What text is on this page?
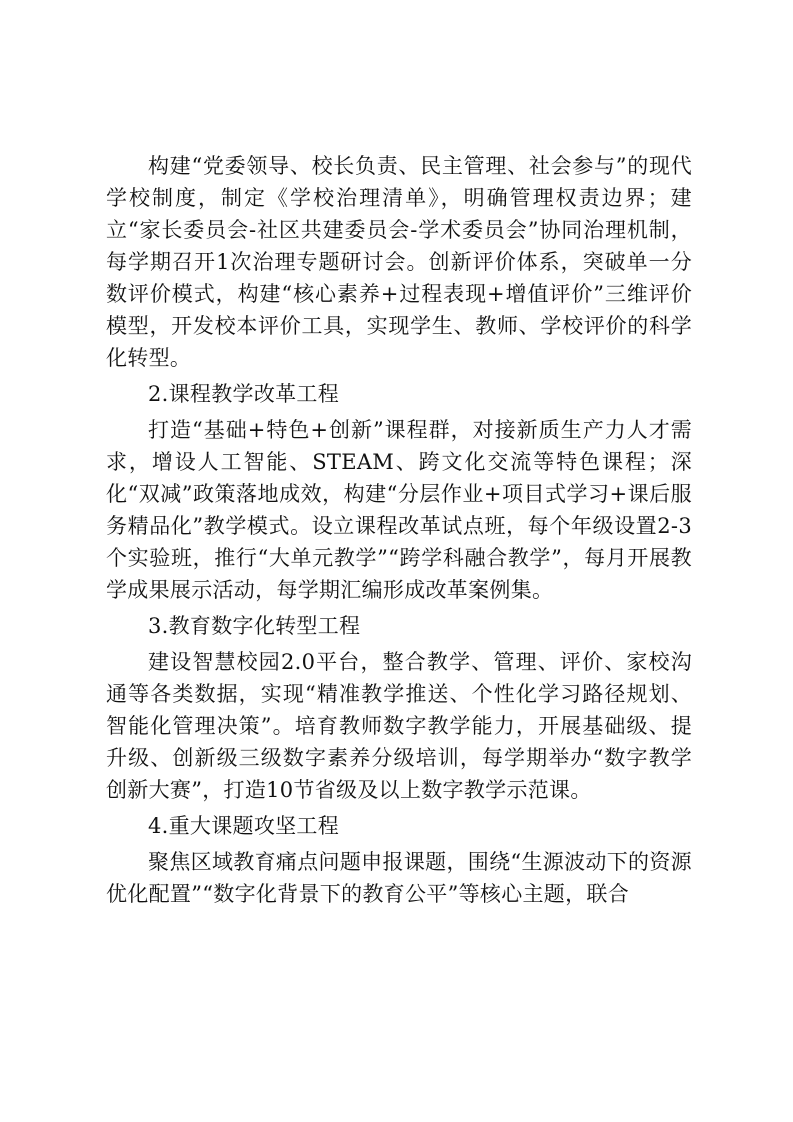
构建“党委领导、校长负责、民主管理、社会参与”的现代学校制度，制定《学校治理清单》，明确管理权责边界；建立“家长委员会-社区共建委员会-学术委员会”协同治理机制，每学期召开1次治理专题研讨会。创新评价体系，突破单一分数评价模式，构建“核心素养+过程表现+增值评价”三维评价模型，开发校本评价工具，实现学生、教师、学校评价的科学化转型。

2.课程教学改革工程

打造“基础+特色+创新”课程群，对接新质生产力人才需求，增设人工智能、STEAM、跨文化交流等特色课程；深化“双减”政策落地成效，构建“分层作业+项目式学习+课后服务精品化”教学模式。设立课程改革试点班，每个年级设置2-3个实验班，推行“大单元教学”“跨学科融合教学”，每月开展教学成果展示活动，每学期汇编形成改革案例集。

3.教育数字化转型工程

建设智慧校园2.0平台，整合教学、管理、评价、家校沟通等各类数据，实现“精准教学推送、个性化学习路径规划、智能化管理决策”。培育教师数字教学能力，开展基础级、提升级、创新级三级数字素养分级培训，每学期举办“数字教学创新大赛”，打造10节省级及以上数字教学示范课。

4.重大课题攻坚工程

聚焦区域教育痛点问题申报课题，围绕“生源波动下的资源优化配置”“数字化背景下的教育公平”等核心主题，联合
